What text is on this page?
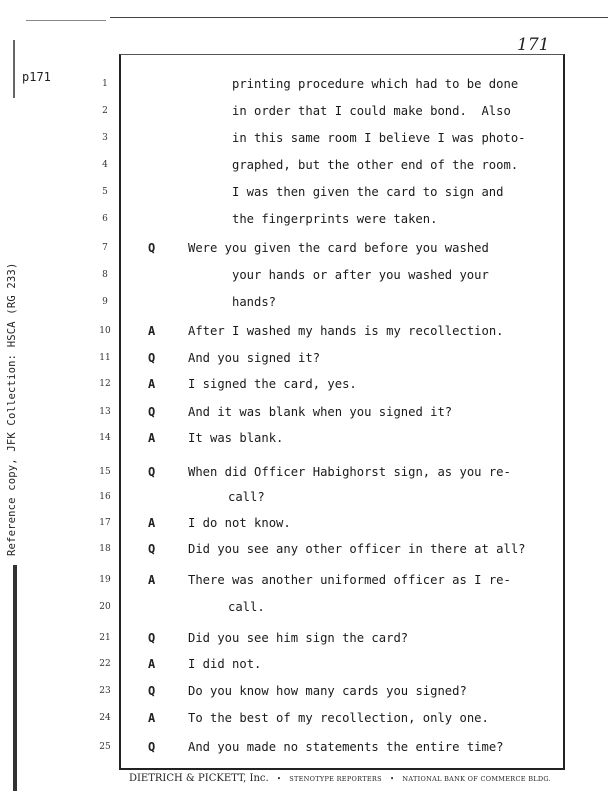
171
p171
Reference copy, JFK Collection: HSCA (RG 233)
1	printing procedure which had to be done
2	in order that I could make bond.  Also
3	in this same room I believe I was photo-
4	graphed, but the other end of the room.
5	I was then given the card to sign and
6	the fingerprints were taken.
7	Q	Were you given the card before you washed
8	your hands or after you washed your
9	hands?
10	A	After I washed my hands is my recollection.
11	Q	And you signed it?
12	A	I signed the card, yes.
13	Q	And it was blank when you signed it?
14	A	It was blank.
15	Q	When did Officer Habighorst sign, as you re-
16	call?
17	A	I do not know.
18	Q	Did you see any other officer in there at all?
19	A	There was another uniformed officer as I re-
20	call.
21	Q	Did you see him sign the card?
22	A	I did not.
23	Q	Do you know how many cards you signed?
24	A	To the best of my recollection, only one.
25	Q	And you made no statements the entire time?
DIETRICH & PICKETT, Inc. • STENOTYPE REPORTERS • NATIONAL BANK OF COMMERCE BLDG.
